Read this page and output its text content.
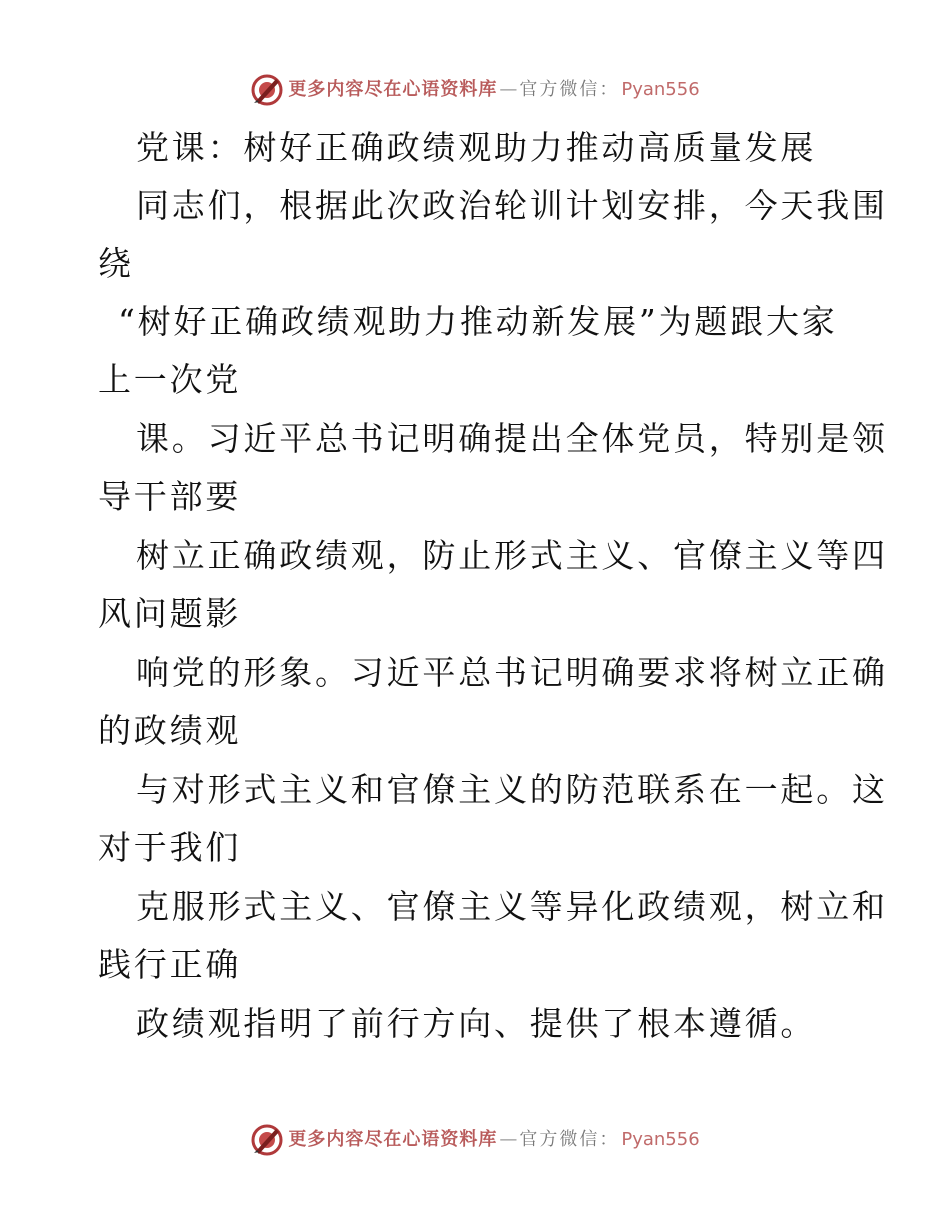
更多内容尽在心语资料库 — 官方微信： Pyan556
党课：树好正确政绩观助力推动高质量发展
同志们，根据此次政治轮训计划安排，今天我围
绕
“树好正确政绩观助力推动新发展”为题跟大家
上一次党
课。习近平总书记明确提出全体党员，特别是领
导干部要
树立正确政绩观，防止形式主义、官僚主义等四
风问题影
响党的形象。习近平总书记明确要求将树立正确
的政绩观
与对形式主义和官僚主义的防范联系在一起。这
对于我们
克服形式主义、官僚主义等异化政绩观，树立和
践行正确
政绩观指明了前行方向、提供了根本遵循。
更多内容尽在心语资料库 — 官方微信： Pyan556
